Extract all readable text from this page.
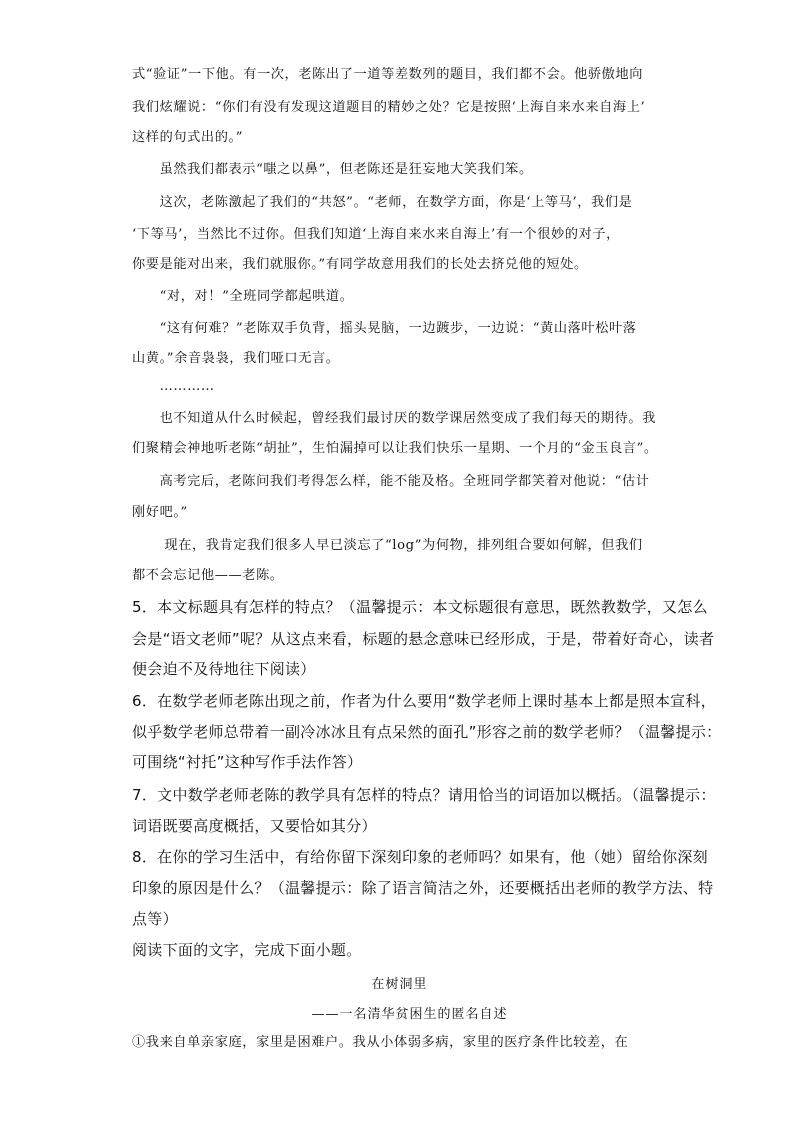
式“验证”一下他。有一次，老陈出了一道等差数列的题目，我们都不会。他骄傲地向
我们炫耀说：“你们有没有发现这道题目的精妙之处？它是按照‘上海自来水来自海上’
这样的句式出的。”
　　虽然我们都表示“嗤之以鼻”，但老陈还是狂妄地大笑我们笨。
　　这次，老陈激起了我们的“共怒”。“老师，在数学方面，你是‘上等马’，我们是
‘下等马’，当然比不过你。但我们知道‘上海自来水来自海上’有一个很妙的对子，
你要是能对出来，我们就服你。”有同学故意用我们的长处去挤兑他的短处。
　　“对，对！”全班同学都起哄道。
　　“这有何难？”老陈双手负背，摇头晃脑，一边踱步，一边说：“黄山落叶松叶落
山黄。”余音袅袅，我们哑口无言。
　　…………
　　也不知道从什么时候起，曾经我们最讨厌的数学课居然变成了我们每天的期待。我
们聚精会神地听老陈“胡扯”，生怕漏掉可以让我们快乐一星期、一个月的“金玉良言”。
　　高考完后，老陈问我们考得怎么样，能不能及格。全班同学都笑着对他说：“估计
刚好吧。”
　　 现在，我肯定我们很多人早已淡忘了“log”为何物，排列组合要如何解，但我们
都不会忘记他——老陈。
5．本文标题具有怎样的特点？（温馨提示：本文标题很有意思，既然教数学，又怎么
会是“语文老师”呢？从这点来看，标题的悬念意味已经形成，于是，带着好奇心，读者
便会迫不及待地往下阅读）
6．在数学老师老陈出现之前，作者为什么要用“数学老师上课时基本上都是照本宣科，
似乎数学老师总带着一副冷冰冰且有点呆然的面孔”形容之前的数学老师？（温馨提示：
可围绕“衬托”这种写作手法作答）
7．文中数学老师老陈的教学具有怎样的特点？请用恰当的词语加以概括。（温馨提示：
词语既要高度概括，又要恰如其分）
8．在你的学习生活中，有给你留下深刻印象的老师吗？如果有，他（她）留给你深刻
印象的原因是什么？（温馨提示：除了语言简洁之外，还要概括出老师的教学方法、特
点等）
阅读下面的文字，完成下面小题。
在树洞里
——一名清华贫困生的匿名自述
①我来自单亲家庭，家里是困难户。我从小体弱多病，家里的医疗条件比较差，在
